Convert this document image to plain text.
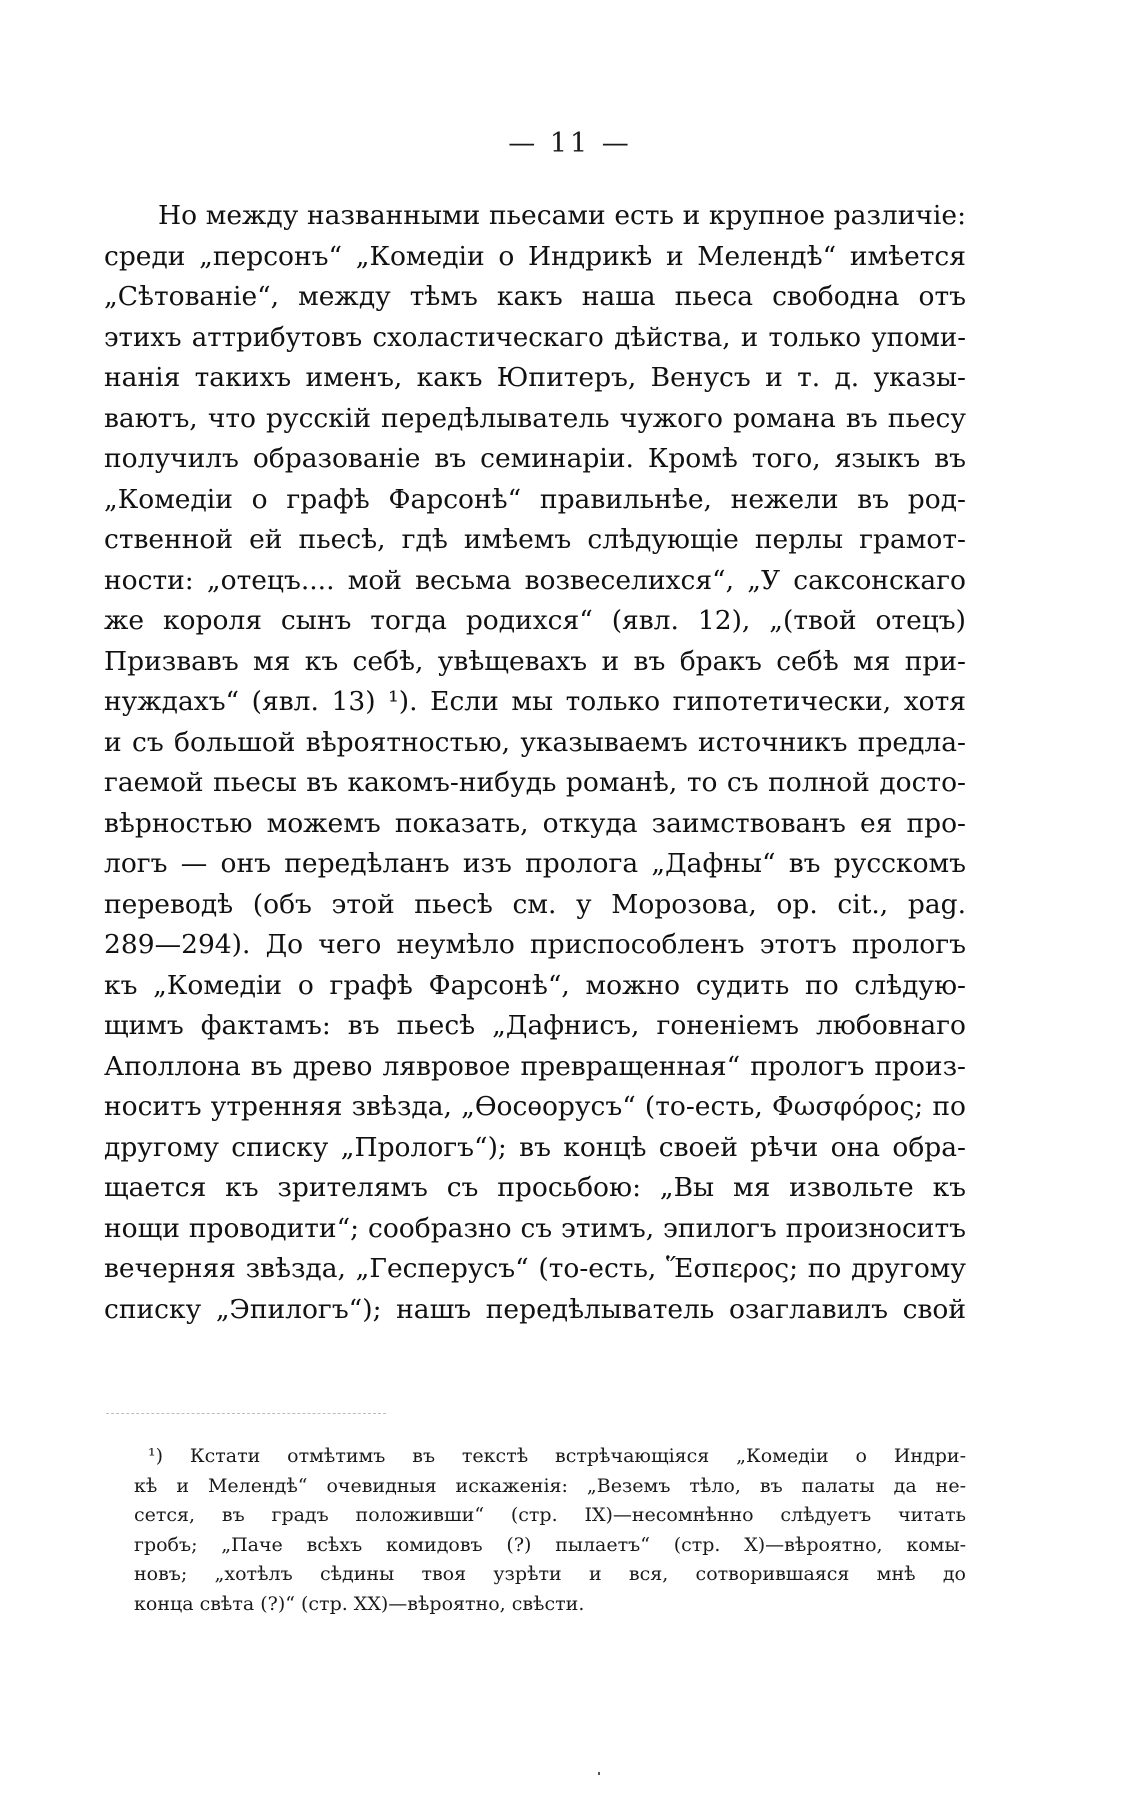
— 11 —
Но между названными пьесами есть и крупное различіе:
среди „персонъ“ „Комедіи о Индрикѣ и Мелендѣ“ имѣется
„Сѣтованіе“, между тѣмъ какъ наша пьеса свободна отъ
этихъ аттрибутовъ схоластическаго дѣйства, и только упоми-
нанія такихъ именъ, какъ Юпитеръ, Венусъ и т. д. указы-
ваютъ, что русскій передѣлыватель чужого романа въ пьесу
получилъ образованіе въ семинаріи. Кромѣ того, языкъ въ
„Комедіи о графѣ Фарсонѣ“ правильнѣе, нежели въ род-
ственной ей пьесѣ, гдѣ имѣемъ слѣдующіе перлы грамот-
ности: „отецъ.... мой весьма возвеселихся“, „У саксонскаго
же короля сынъ тогда родихся“ (явл. 12), „(твой отецъ)
Призвавъ мя къ себѣ, увѣщевахъ и въ бракъ себѣ мя при-
нуждахъ“ (явл. 13) ¹). Если мы только гипотетически, хотя
и съ большой вѣроятностью, указываемъ источникъ предла-
гаемой пьесы въ какомъ-нибудь романѣ, то съ полной досто-
вѣрностью можемъ показать, откуда заимствованъ ея про-
логъ — онъ передѣланъ изъ пролога „Дафны“ въ русскомъ
переводѣ (объ этой пьесѣ см. у Морозова, op. cit., pag.
289—294). До чего неумѣло приспособленъ этотъ прологъ
къ „Комедіи о графѣ Фарсонѣ“, можно судить по слѣдую-
щимъ фактамъ: въ пьесѣ „Дафнисъ, гоненіемъ любовнаго
Аполлона въ древо лявровое превращенная“ прологъ произ-
носитъ утренняя звѣзда, „Ѳосѳорусъ“ (то-есть, Φωσφόρος; по
другому списку „Прологъ“); въ концѣ своей рѣчи она обра-
щается къ зрителямъ съ просьбою: „Вы мя извольте къ
нощи проводити“; сообразно съ этимъ, эпилогъ произноситъ
вечерняя звѣзда, „Гесперусъ“ (то-есть, Ἕσπερος; по другому
списку „Эпилогъ“); нашъ передѣлыватель озаглавилъ свой
¹) Кстати отмѣтимъ въ текстѣ встрѣчающіяся „Комедіи о Индри-
кѣ и Мелендѣ“ очевидныя искаженія: „Веземъ тѣло, въ палаты да не-
сется, въ градъ положивши“ (стр. IX)—несомнѣнно слѣдуетъ читать
гробъ; „Паче всѣхъ комидовъ (?) пылаетъ“ (стр. X)—вѣроятно, комы-
новъ; „хотѣлъ сѣдины твоя узрѣти и вся, сотворившаяся мнѣ до
конца свѣта (?)“ (стр. XX)—вѣроятно, свѣсти.
